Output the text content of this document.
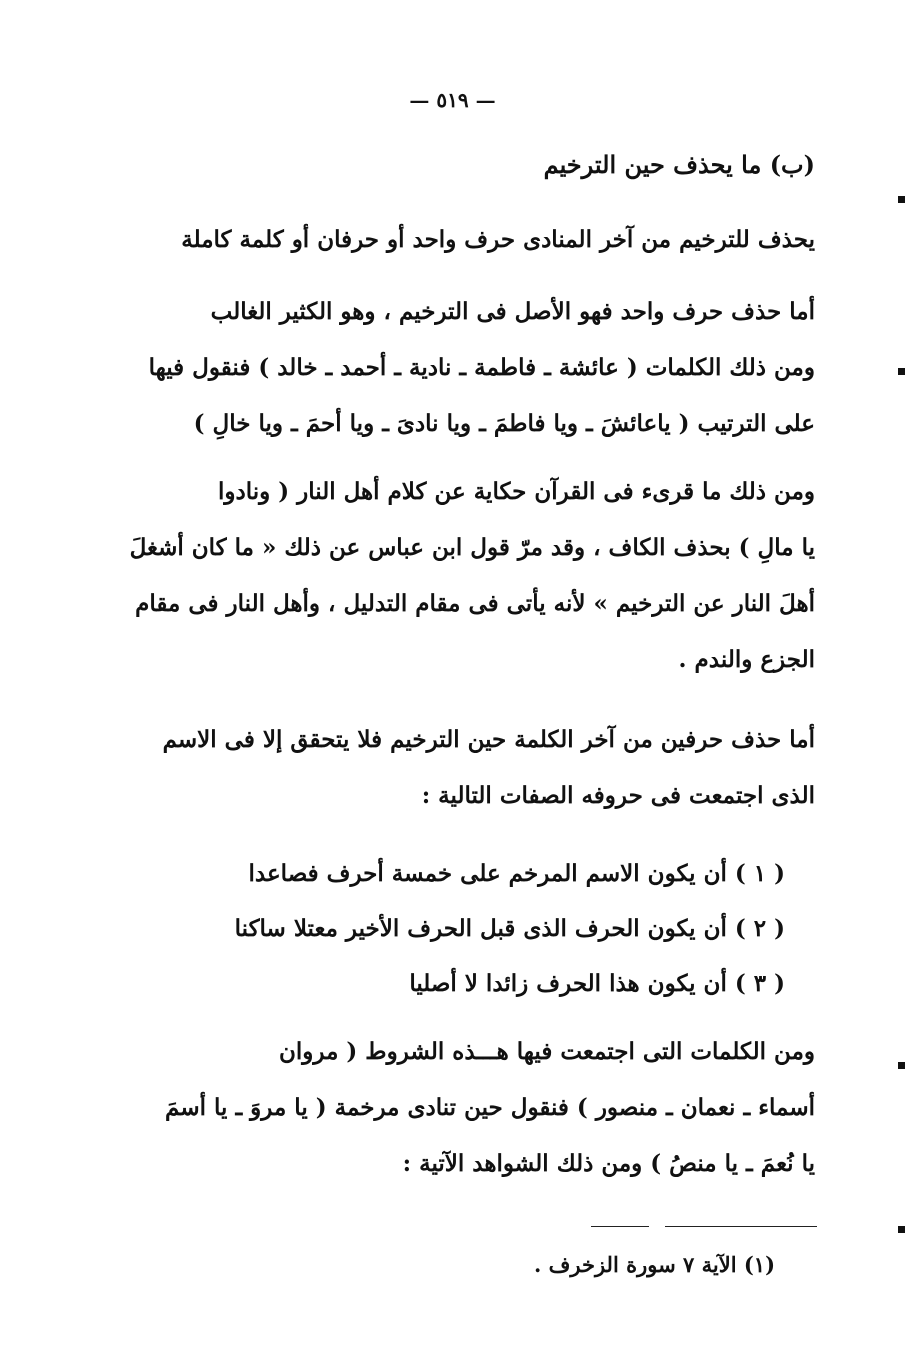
— ٥١٩ —
(ب) ما يحذف حين الترخيم
يحذف للترخيم من آخر المنادى حرف واحد أو حرفان أو كلمة كاملة
أما حذف حرف واحد فهو الأصل فى الترخيم ، وهو الكثير الغالب
ومن ذلك الكلمات ( عائشة ـ فاطمة ـ نادية ـ أحمد ـ خالد ) فنقول فيها
على الترتيب ( ياعائشَ ـ ويا فاطمَ ـ ويا نادىَ ـ ويا أحمَ ـ ويا خالِ )
ومن ذلك ما قرىء فى القرآن حكاية عن كلام أهل النار ( ونادوا
يا مالِ ) بحذف الكاف ، وقد مرّ قول ابن عباس عن ذلك « ما كان أشغلَ
أهلَ النار عن الترخيم » لأنه يأتى فى مقام التدليل ، وأهل النار فى مقام
الجزع والندم .
أما حذف حرفين من آخر الكلمة حين الترخيم فلا يتحقق إلا فى الاسم
الذى اجتمعت فى حروفه الصفات التالية :
( ١ ) أن يكون الاسم المرخم على خمسة أحرف فصاعدا
( ٢ ) أن يكون الحرف الذى قبل الحرف الأخير معتلا ساكنا
( ٣ ) أن يكون هذا الحرف زائدا لا أصليا
ومن الكلمات التى اجتمعت فيها هـــذه الشروط ( مروان
أسماء ـ نعمان ـ منصور ) فنقول حين تنادى مرخمة ( يا مروَ ـ يا أسمَ
يا نُعمَ ـ يا منصُ ) ومن ذلك الشواهد الآتية :
(١) الآية ٧ سورة الزخرف .
